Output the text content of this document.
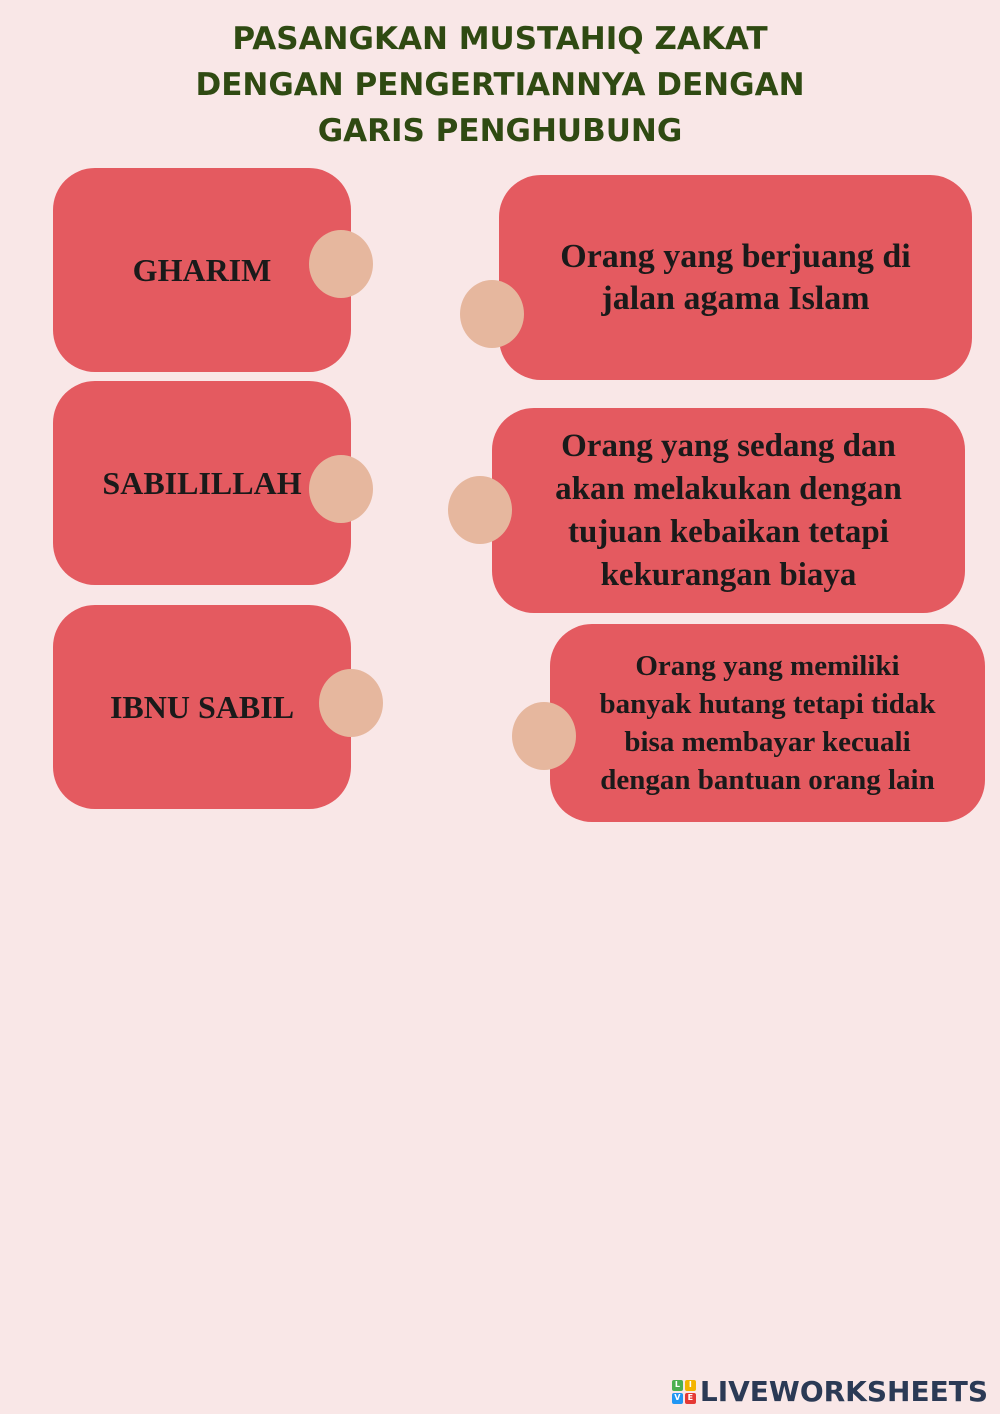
PASANGKAN MUSTAHIQ ZAKAT
DENGAN PENGERTIANNYA DENGAN
GARIS PENGHUBUNG
GHARIM
SABILILLAH
IBNU SABIL
Orang yang berjuang di
jalan agama Islam
Orang yang sedang dan
akan melakukan dengan
tujuan kebaikan tetapi
kekurangan biaya
Orang yang memiliki
banyak hutang tetapi tidak
bisa membayar kecuali
dengan bantuan orang lain
L	I
V E LIVEWORKSHEETS
